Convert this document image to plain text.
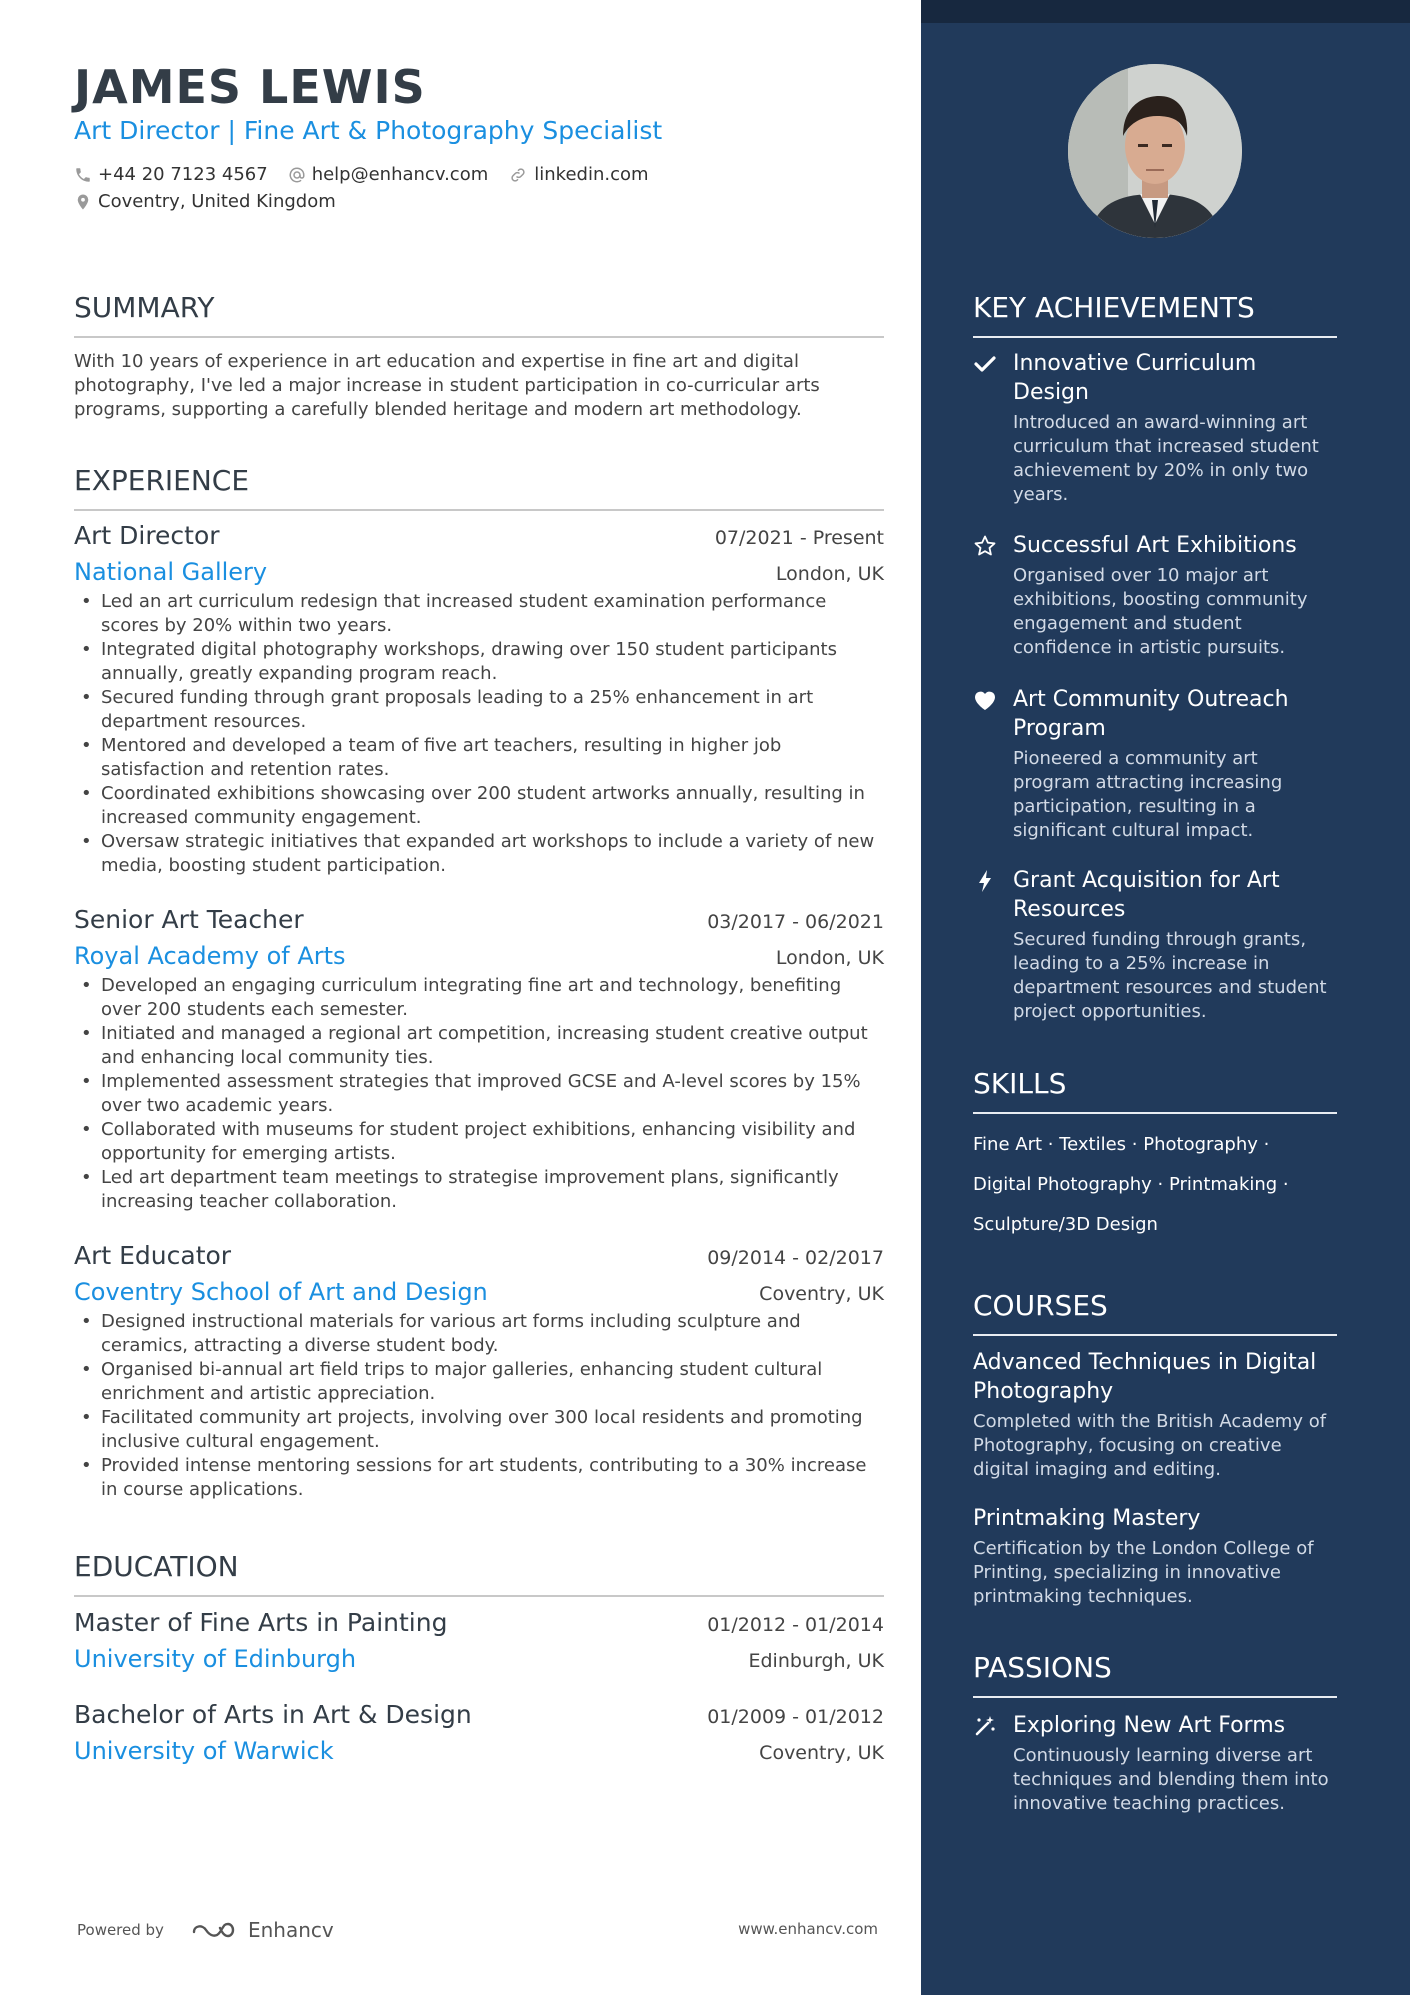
JAMES LEWIS
Art Director | Fine Art & Photography Specialist
+44 20 7123 4567 help@enhancv.com	linkedin.com
Coventry, United Kingdom
SUMMARY
With 10 years of experience in art education and expertise in fine art and digital photography, I've led a major increase in student participation in co-curricular arts programs, supporting a carefully blended heritage and modern art methodology.
EXPERIENCE
Art Director	07/2021 - Present
National Gallery	London, UK
• Led an art curriculum redesign that increased student examination performance scores by 20% within two years.
• Integrated digital photography workshops, drawing over 150 student participants annually, greatly expanding program reach.
• Secured funding through grant proposals leading to a 25% enhancement in art department resources.
• Mentored and developed a team of five art teachers, resulting in higher job satisfaction and retention rates.
• Coordinated exhibitions showcasing over 200 student artworks annually, resulting in increased community engagement.
• Oversaw strategic initiatives that expanded art workshops to include a variety of new media, boosting student participation.
Senior Art Teacher	03/2017 - 06/2021
Royal Academy of Arts	London, UK
• Developed an engaging curriculum integrating fine art and technology, benefiting over 200 students each semester.
• Initiated and managed a regional art competition, increasing student creative output and enhancing local community ties.
• Implemented assessment strategies that improved GCSE and A-level scores by 15% over two academic years.
• Collaborated with museums for student project exhibitions, enhancing visibility and opportunity for emerging artists.
• Led art department team meetings to strategise improvement plans, significantly increasing teacher collaboration.
Art Educator	09/2014 - 02/2017
Coventry School of Art and Design	Coventry, UK
• Designed instructional materials for various art forms including sculpture and ceramics, attracting a diverse student body.
• Organised bi-annual art field trips to major galleries, enhancing student cultural enrichment and artistic appreciation.
• Facilitated community art projects, involving over 300 local residents and promoting inclusive cultural engagement.
• Provided intense mentoring sessions for art students, contributing to a 30% increase in course applications.
EDUCATION
Master of Fine Arts in Painting	01/2012 - 01/2014
University of Edinburgh	Edinburgh, UK
Bachelor of Arts in Art & Design	01/2009 - 01/2012
University of Warwick	Coventry, UK
Powered by	Enhancv	www.enhancv.com
KEY ACHIEVEMENTS
Innovative Curriculum Design
Introduced an award-winning art curriculum that increased student achievement by 20% in only two years.
Successful Art Exhibitions
Organised over 10 major art exhibitions, boosting community engagement and student confidence in artistic pursuits.
Art Community Outreach Program
Pioneered a community art program attracting increasing participation, resulting in a significant cultural impact.
Grant Acquisition for Art Resources
Secured funding through grants, leading to a 25% increase in department resources and student project opportunities.
SKILLS
Fine Art · Textiles · Photography ·
Digital Photography · Printmaking ·
Sculpture/3D Design
COURSES
Advanced Techniques in Digital Photography
Completed with the British Academy of Photography, focusing on creative digital imaging and editing.
Printmaking Mastery
Certification by the London College of Printing, specializing in innovative printmaking techniques.
PASSIONS
Exploring New Art Forms
Continuously learning diverse art techniques and blending them into innovative teaching practices.
